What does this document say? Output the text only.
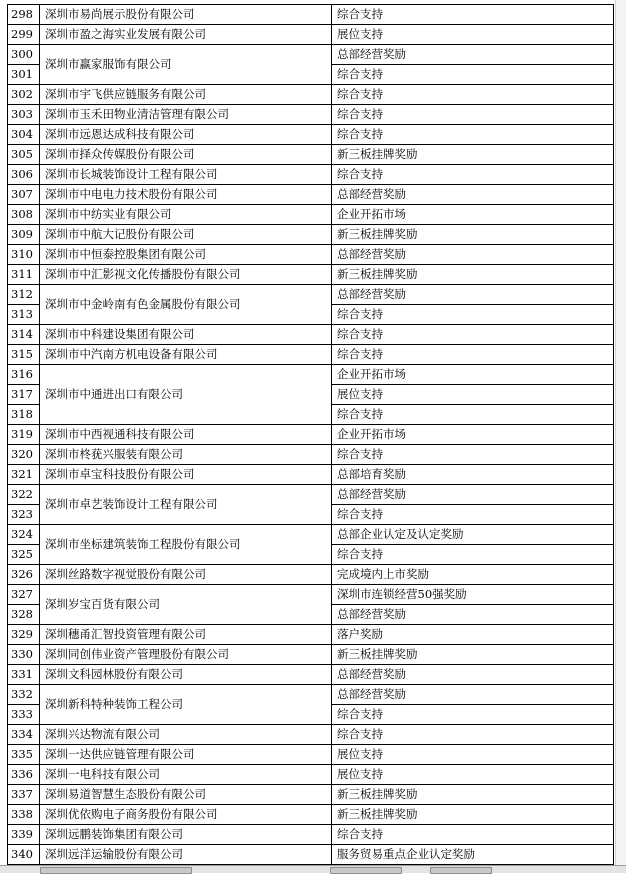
298	深圳市易尚展示股份有限公司	综合支持
299	深圳市盈之海实业发展有限公司	展位支持
300	深圳市赢家服饰有限公司	总部经营奖励
301		综合支持
302	深圳市宇飞供应链服务有限公司	综合支持
303	深圳市玉禾田物业清洁管理有限公司	综合支持
304	深圳市远恩达成科技有限公司	综合支持
305	深圳市择众传媒股份有限公司	新三板挂牌奖励
306	深圳市长城装饰设计工程有限公司	综合支持
307	深圳市中电电力技术股份有限公司	总部经营奖励
308	深圳市中纺实业有限公司	企业开拓市场
309	深圳市中航大记股份有限公司	新三板挂牌奖励
310	深圳市中恒泰控股集团有限公司	总部经营奖励
311	深圳市中汇影视文化传播股份有限公司	新三板挂牌奖励
312	深圳市中金岭南有色金属股份有限公司	总部经营奖励
313		综合支持
314	深圳市中科建设集团有限公司	综合支持
315	深圳市中汽南方机电设备有限公司	综合支持
316	深圳市中通进出口有限公司	企业开拓市场
317		展位支持
318		综合支持
319	深圳市中西视通科技有限公司	企业开拓市场
320	深圳市柊莸兴服装有限公司	综合支持
321	深圳市卓宝科技股份有限公司	总部培育奖励
322	深圳市卓艺装饰设计工程有限公司	总部经营奖励
323		综合支持
324	深圳市坐标建筑装饰工程股份有限公司	总部企业认定及认定奖励
325		综合支持
326	深圳丝路数字视觉股份有限公司	完成境内上市奖励
327	深圳岁宝百货有限公司	深圳市连锁经营50强奖励
328		总部经营奖励
329	深圳穗甬汇智投资管理有限公司	落户奖励
330	深圳同创伟业资产管理股份有限公司	新三板挂牌奖励
331	深圳文科园林股份有限公司	总部经营奖励
332	深圳新科特种装饰工程公司	总部经营奖励
333		综合支持
334	深圳兴达物流有限公司	综合支持
335	深圳一达供应链管理有限公司	展位支持
336	深圳一电科技有限公司	展位支持
337	深圳易道智慧生态股份有限公司	新三板挂牌奖励
338	深圳优依购电子商务股份有限公司	新三板挂牌奖励
339	深圳远鹏装饰集团有限公司	综合支持
340	深圳远洋运输股份有限公司	服务贸易重点企业认定奖励
